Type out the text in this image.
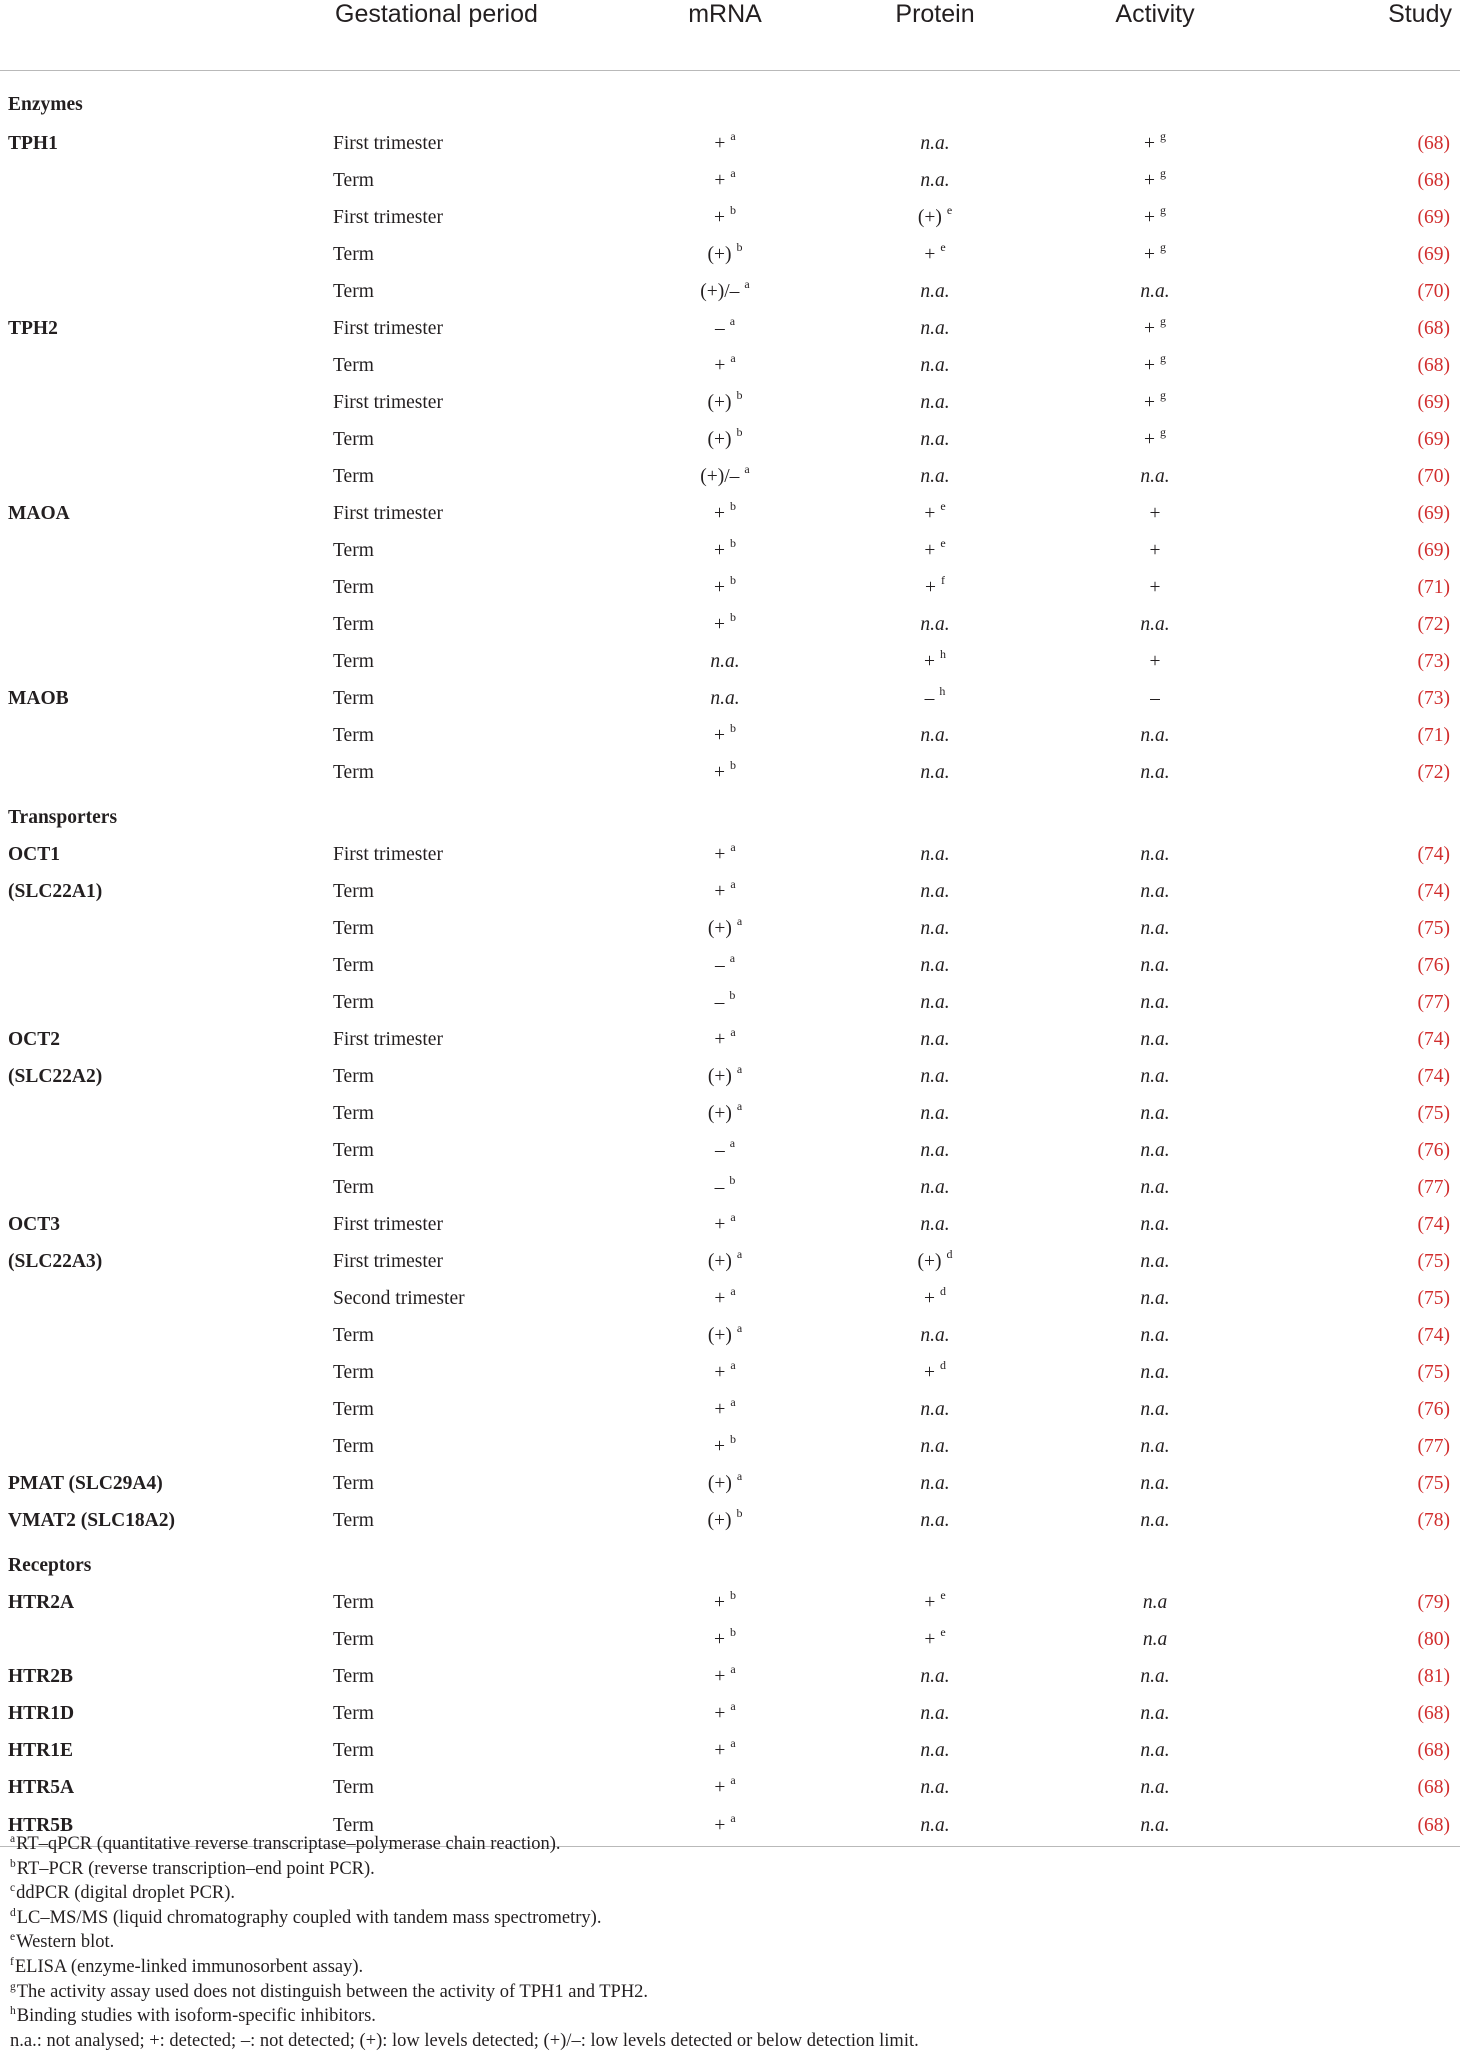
	Gestational period	mRNA	Protein	Activity	Study
Enzymes					
TPH1	First trimester	+ $^a$	n.a.	+ $^g$	(68)
	Term	+ $^a$	n.a.	+ $^g$	(68)
	First trimester	+ $^b$	(+) $^e$	+ $^g$	(69)
	Term	(+) $^b$	+ $^e$	+ $^g$	(69)
	Term	(+)/– $^a$	n.a.	n.a.	(70)
TPH2	First trimester	– $^a$	n.a.	+ $^g$	(68)
	Term	+ $^a$	n.a.	+ $^g$	(68)
	First trimester	(+) $^b$	n.a.	+ $^g$	(69)
	Term	(+) $^b$	n.a.	+ $^g$	(69)
	Term	(+)/– $^a$	n.a.	n.a.	(70)
MAOA	First trimester	+ $^b$	+ $^e$	+	(69)
	Term	+ $^b$	+ $^e$	+	(69)
	Term	+ $^b$	+ $^f$	+	(71)
	Term	+ $^b$	n.a.	n.a.	(72)
	Term	n.a.	+ $^h$	+	(73)
MAOB	Term	n.a.	– $^h$	–	(73)
	Term	+ $^b$	n.a.	n.a.	(71)
	Term	+ $^b$	n.a.	n.a.	(72)
Transporters					
OCT1	First trimester	+ $^a$	n.a.	n.a.	(74)
(SLC22A1)	Term	+ $^a$	n.a.	n.a.	(74)
	Term	(+) $^a$	n.a.	n.a.	(75)
	Term	– $^a$	n.a.	n.a.	(76)
	Term	– $^b$	n.a.	n.a.	(77)
OCT2	First trimester	+ $^a$	n.a.	n.a.	(74)
(SLC22A2)	Term	(+) $^a$	n.a.	n.a.	(74)
	Term	(+) $^a$	n.a.	n.a.	(75)
	Term	– $^a$	n.a.	n.a.	(76)
	Term	– $^b$	n.a.	n.a.	(77)
OCT3	First trimester	+ $^a$	n.a.	n.a.	(74)
(SLC22A3)	First trimester	(+) $^a$	(+) $^d$	n.a.	(75)
	Second trimester	+ $^a$	+ $^d$	n.a.	(75)
	Term	(+) $^a$	n.a.	n.a.	(74)
	Term	+ $^a$	+ $^d$	n.a.	(75)
	Term	+ $^a$	n.a.	n.a.	(76)
	Term	+ $^b$	n.a.	n.a.	(77)
PMAT (SLC29A4)	Term	(+) $^a$	n.a.	n.a.	(75)
VMAT2 (SLC18A2)	Term	(+) $^b$	n.a.	n.a.	(78)
Receptors					
HTR2A	Term	+ $^b$	+ $^e$	n.a	(79)
	Term	+ $^b$	+ $^e$	n.a	(80)
HTR2B	Term	+ $^a$	n.a.	n.a.	(81)
HTR1D	Term	+ $^a$	n.a.	n.a.	(68)
HTR1E	Term	+ $^a$	n.a.	n.a.	(68)
HTR5A	Term	+ $^a$	n.a.	n.a.	(68)
HTR5B	Term	+ $^a$	n.a.	n.a.	(68)
$^a$RT–qPCR (quantitative reverse transcriptase–polymerase chain reaction).
$^b$RT–PCR (reverse transcription–end point PCR).
$^c$ddPCR (digital droplet PCR).
$^d$LC–MS/MS (liquid chromatography coupled with tandem mass spectrometry).
$^e$Western blot.
$^f$ELISA (enzyme-linked immunosorbent assay).
$^g$The activity assay used does not distinguish between the activity of TPH1 and TPH2.
$^h$Binding studies with isoform-specific inhibitors.
n.a.: not analysed; +: detected; –: not detected; (+): low levels detected; (+)/–: low levels detected or below detection limit.
